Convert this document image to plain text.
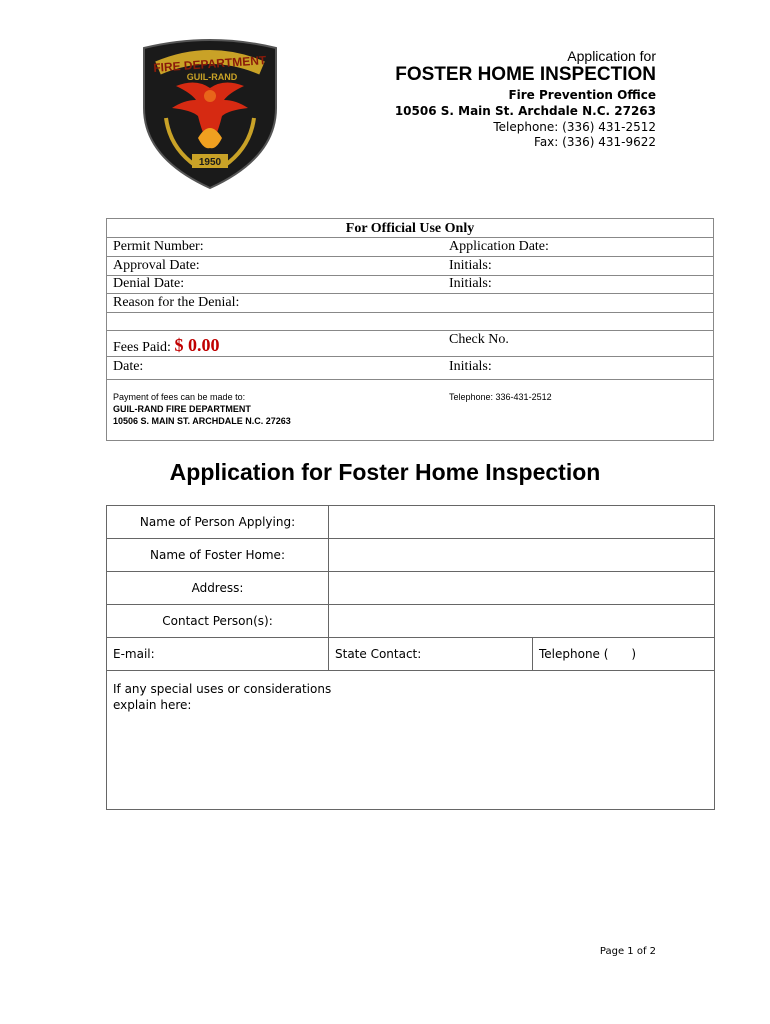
FIRE DEPARTMENT
GUIL-RAND
1950
Application for
FOSTER HOME INSPECTION
Fire Prevention Office
10506 S. Main St. Archdale N.C. 27263
Telephone: (336) 431-2512
Fax: (336) 431-9622
For Official Use Only
Permit Number:	Application Date:
Approval Date:	Initials:
Denial Date:	Initials:
Reason for the Denial:
Fees Paid: $ 0.00	Check No.
Date:	Initials:
Payment of fees can be made to:
GUIL-RAND FIRE DEPARTMENT
10506 S. MAIN ST. ARCHDALE N.C. 27263
Telephone: 336-431-2512
Application for Foster Home Inspection
Name of Person Applying:
Name of Foster Home:
Address:
Contact Person(s):
E-mail:	State Contact:	Telephone (      )
If any special uses or considerations
explain here:
Page 1 of 2
